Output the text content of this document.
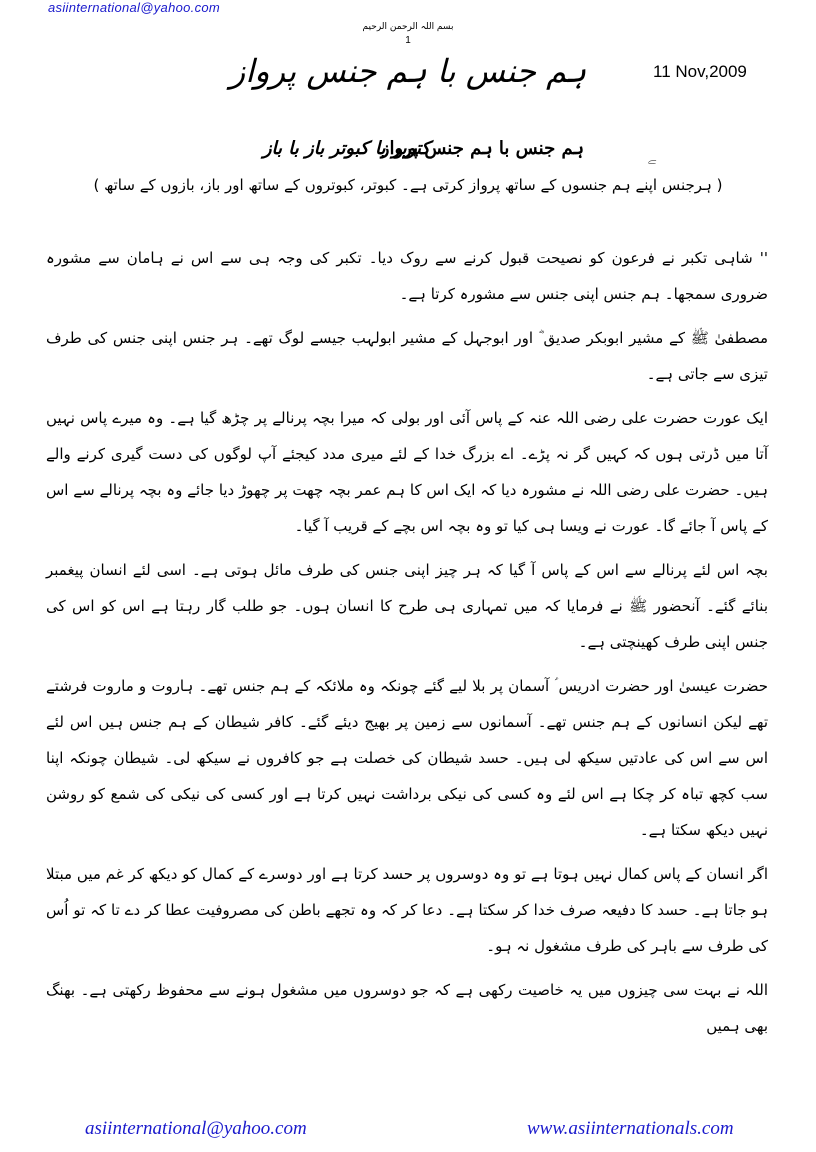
asiinternational@yahoo.com
بسم اللہ الرحمن الرحیم
1
ہم جنس با ہم جنس پرواز	11 Nov,2009
کتوبر با کبوتر باز با باز
ہم جنس با ہم جنس پرواز	ﮯ
( ہرجنس اپنے ہم جنسوں کے ساتھ پرواز کرتی ہے۔ کبوتر، کبوتروں کے ساتھ اور باز، بازوں کے ساتھ )

'' شاہی تکبر نے فرعون کو نصیحت قبول کرنے سے روک دیا۔ تکبر کی وجہ ہی سے اس نے ہامان سے مشورہ ضروری سمجھا۔ ہم جنس اپنی جنس سے مشورہ کرتا ہے۔

مصطفیٰ ﷺ کے مشیر ابوبکر صدیق ؓ اور ابوجہل کے مشیر ابولہب جیسے لوگ تھے۔ ہر جنس اپنی جنس کی طرف تیزی سے جاتی ہے۔

ایک عورت حضرت علی رضی اللہ عنہ کے پاس آئی اور بولی کہ میرا بچہ پرنالے پر چڑھ گیا ہے۔ وہ میرے پاس نہیں آتا میں ڈرتی ہوں کہ کہیں گر نہ پڑے۔ اے بزرگ خدا کے لئے میری مدد کیجئے آپ لوگوں کی دست گیری کرنے والے ہیں۔ حضرت علی رضی اللہ نے مشورہ دیا کہ ایک اس کا ہم عمر بچہ چھت پر چھوڑ دیا جائے وہ بچہ پرنالے سے اس کے پاس آ جائے گا۔ عورت نے ویسا ہی کیا تو وہ بچہ اس بچے کے قریب آ گیا۔

بچہ اس لئے پرنالے سے اس کے پاس آ گیا کہ ہر چیز اپنی جنس کی طرف مائل ہوتی ہے۔ اسی لئے انسان پیغمبر بنائے گئے۔ آنحضور ﷺ نے فرمایا کہ میں تمہاری ہی طرح کا انسان ہوں۔ جو طلب گار رہتا ہے اس کو اس کی جنس اپنی طرف کھینچتی ہے۔

حضرت عیسیٰ اور حضرت ادریس ؑ آسمان پر بلا لیے گئے چونکہ وہ ملائکہ کے ہم جنس تھے۔ ہاروت و ماروت فرشتے تھے لیکن انسانوں کے ہم جنس تھے۔ آسمانوں سے زمین پر بھیج دیئے گئے۔ کافر شیطان کے ہم جنس ہیں اس لئے اس سے اس کی عادتیں سیکھ لی ہیں۔ حسد شیطان کی خصلت ہے جو کافروں نے سیکھ لی۔ شیطان چونکہ اپنا سب کچھ تباہ کر چکا ہے اس لئے وہ کسی کی نیکی برداشت نہیں کرتا ہے اور کسی کی نیکی کی شمع کو روشن نہیں دیکھ سکتا ہے۔

اگر انسان کے پاس کمال نہیں ہوتا ہے تو وہ دوسروں پر حسد کرتا ہے اور دوسرے کے کمال کو دیکھ کر غم میں مبتلا ہو جاتا ہے۔ حسد کا دفیعہ صرف خدا کر سکتا ہے۔ دعا کر کہ وہ تجھے باطن کی مصروفیت عطا کر دے تا کہ تو اُس کی طرف سے باہر کی طرف مشغول نہ ہو۔

اللہ نے بہت سی چیزوں میں یہ خاصیت رکھی ہے کہ جو دوسروں میں مشغول ہونے سے محفوظ رکھتی ہے۔ بھنگ بھی ہمیں

asiinternational@yahoo.com	www.asiinternationals.com
